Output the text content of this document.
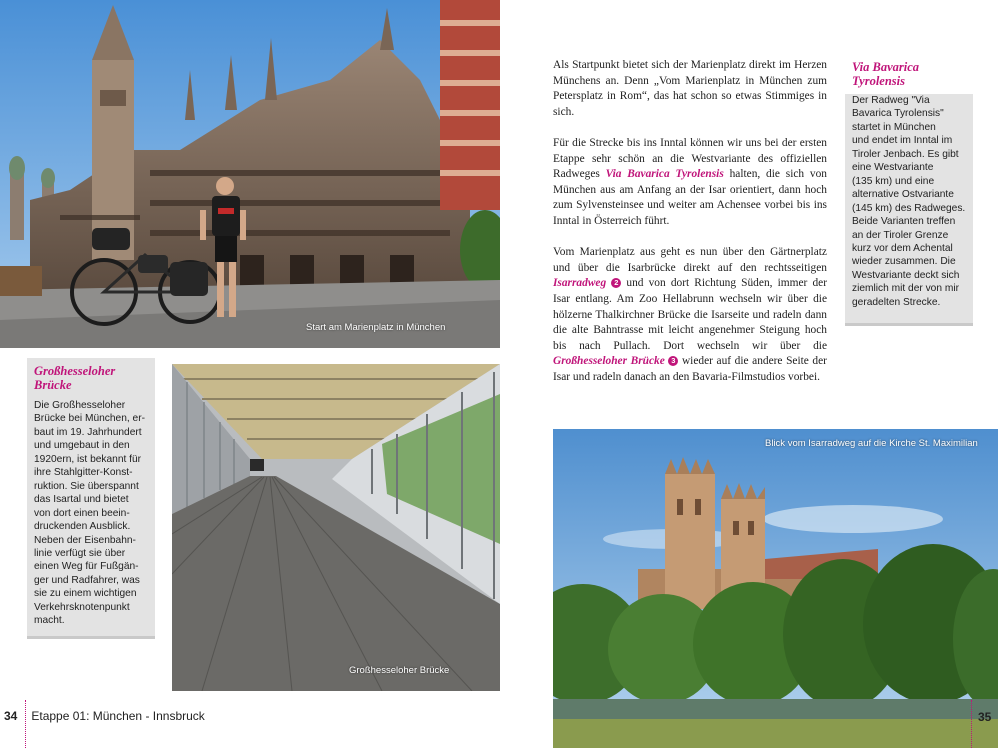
Start am Marienplatz in München
Großhesseloher
Brücke
Die Großhesseloher
Brücke bei München, er-
baut im 19. Jahrhundert
und umgebaut in den
1920ern, ist bekannt für
ihre Stahlgitter-Konst-
ruktion. Sie überspannt
das Isartal und bietet
von dort einen beein-
druckenden Ausblick.
Neben der Eisenbahn-
linie verfügt sie über
einen Weg für Fußgän-
ger und Radfahrer, was
sie zu einem wichtigen
Verkehrsknotenpunkt
macht.
Großhesseloher Brücke

Als Startpunkt bietet sich der Marienplatz direkt im Herzen Münchens an. Denn „Vom Marienplatz in München zum Petersplatz in Rom“, das hat schon so etwas Stimmiges in sich.

Für die Strecke bis ins Inntal können wir uns bei der ersten Etappe sehr schön an die Westvariante des offiziellen Radweges Via Bavarica Tyrolensis halten, die sich von München aus am Anfang an der Isar orientiert, dann hoch zum Sylvensteinsee und weiter am Achensee vorbei bis ins Inntal in Österreich führt.

Vom Marienplatz aus geht es nun über den Gärtnerplatz und über die Isarbrücke direkt auf den rechtsseitigen Isarradweg 2 und von dort Richtung Süden, immer der Isar entlang. Am Zoo Hellabrunn wechseln wir über die hölzerne Thalkirchner Brücke die Isarseite und radeln dann die alte Bahntrasse mit leicht angenehmer Steigung hoch bis nach Pullach. Dort wechseln wir über die Großhesseloher Brücke 3 wieder auf die andere Seite der Isar und radeln danach an den Bavaria-Filmstudios vorbei.

Via Bavarica
Tyrolensis
Der Radweg "Via
Bavarica Tyrolensis"
startet in München
und endet im Inntal im
Tiroler Jenbach. Es gibt
eine Westvariante
(135 km) und eine
alternative Ostvariante
(145 km) des Radweges.
Beide Varianten treffen
an der Tiroler Grenze
kurz vor dem Achental
wieder zusammen. Die
Westvariante deckt sich
ziemlich mit der von mir
geradelten Strecke.
Blick vom Isarradweg auf die Kirche St. Maximilian
34 Etappe 01: München - Innsbruck	35
